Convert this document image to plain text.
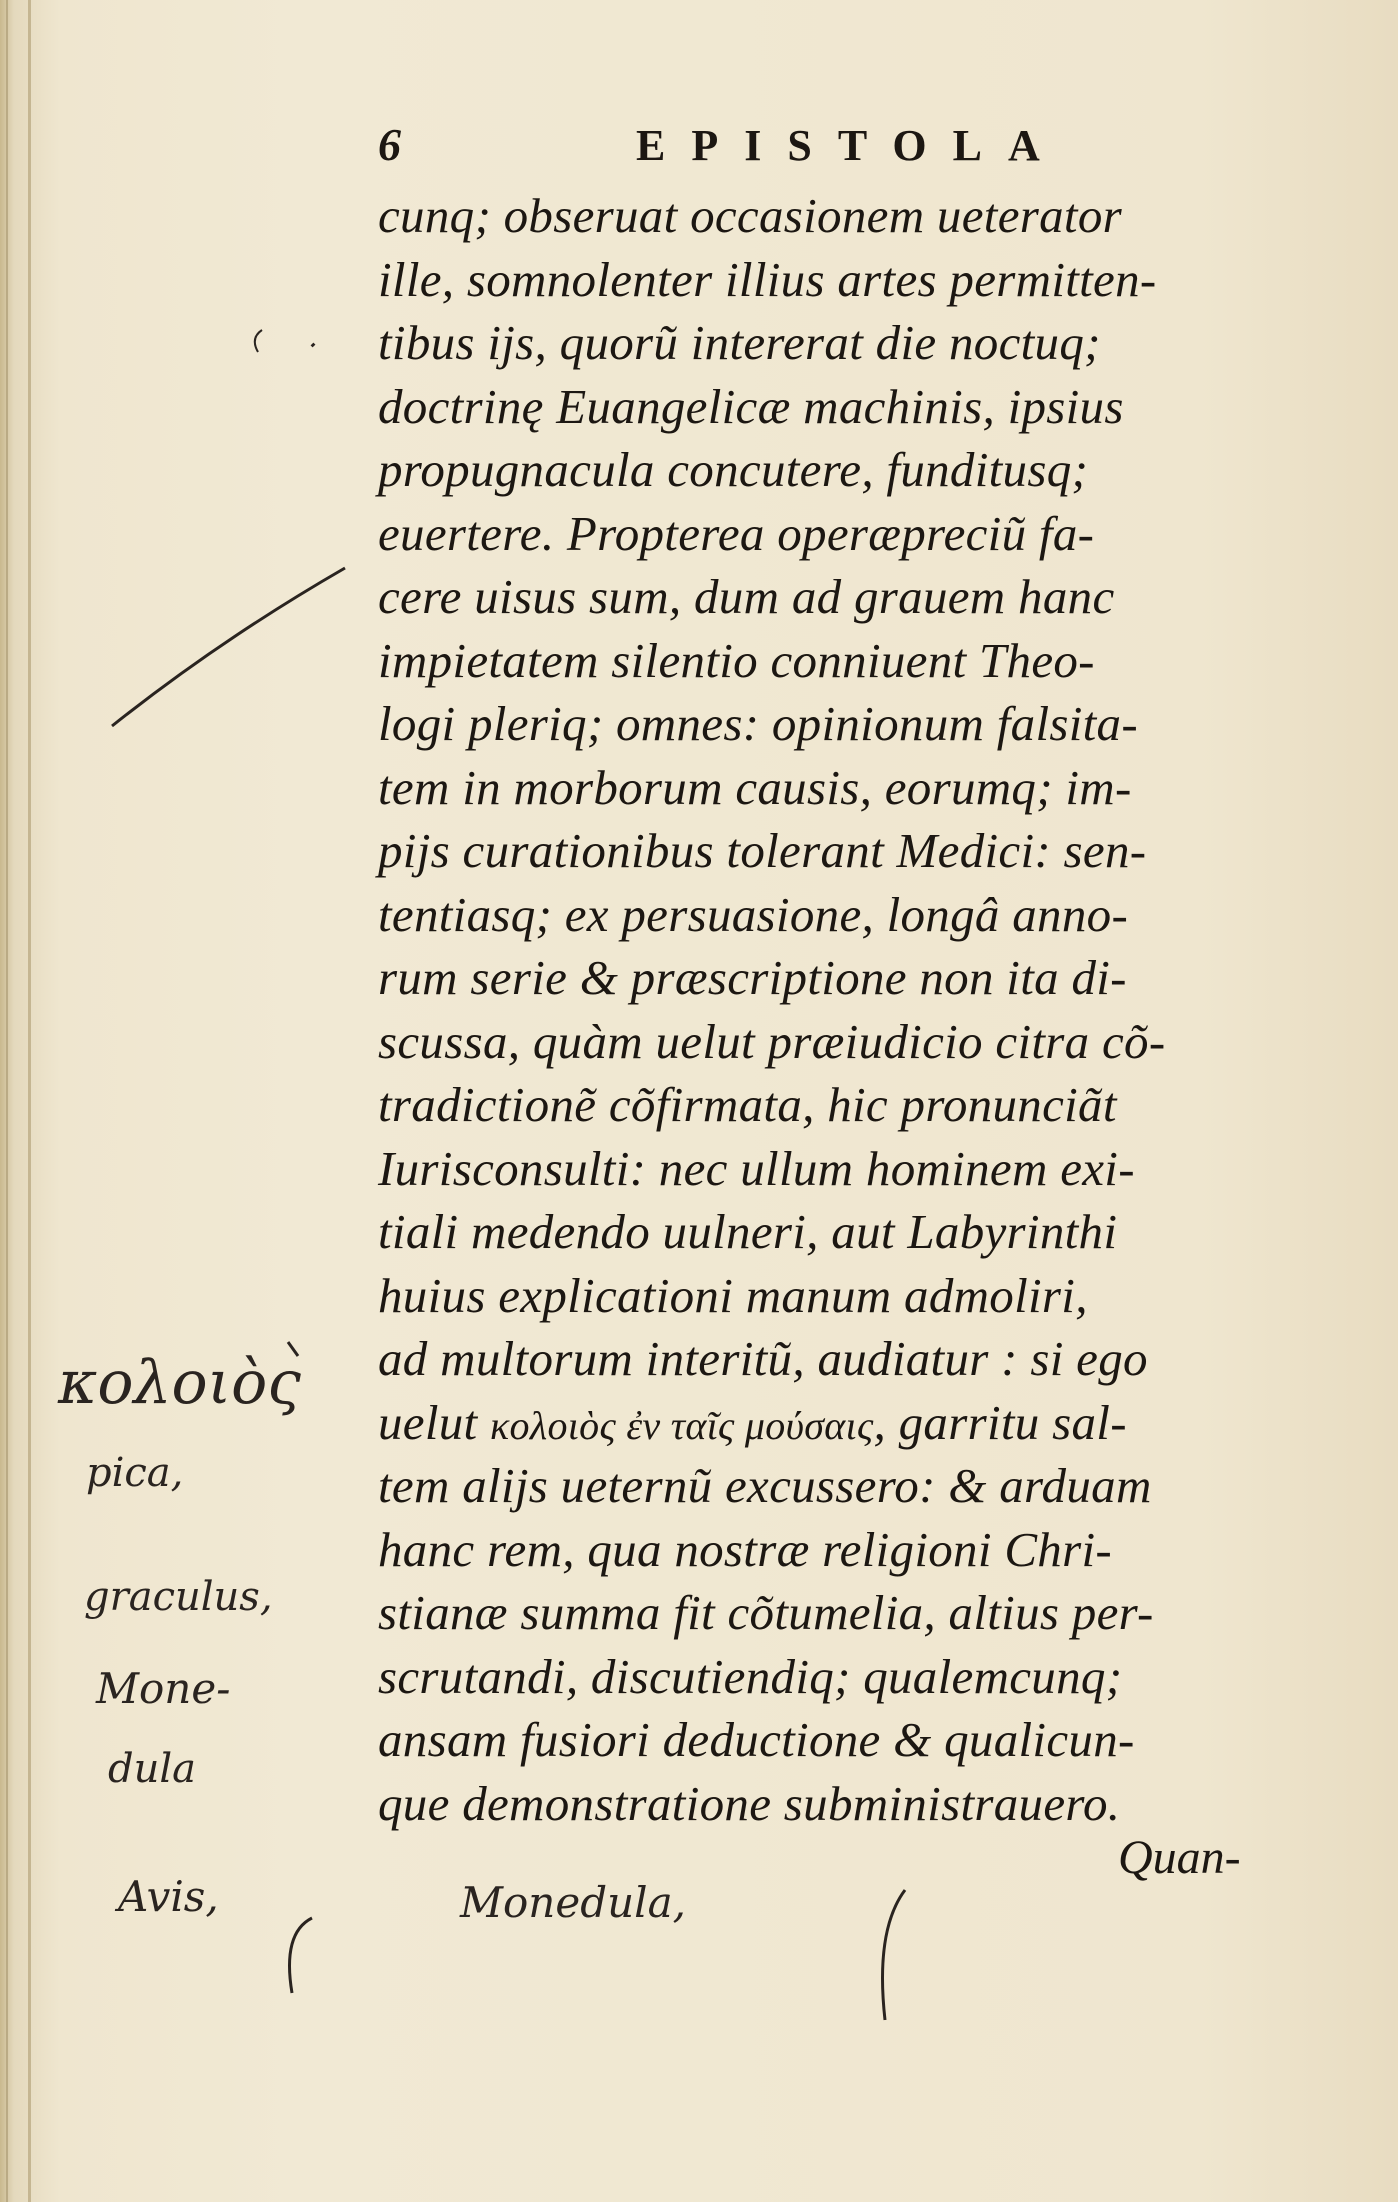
6	EPISTOLA
cunq; obseruat occasionem ueterator
ille, somnolenter illius artes permitten-
tibus ijs, quorũ intererat die noctuq;
doctrinę Euangelicæ machinis, ipsius
propugnacula concutere, funditusq;
euertere. Propterea operæpreciũ fa-
cere uisus sum, dum ad grauem hanc
impietatem silentio conniuent Theo-
logi pleriq; omnes: opinionum falsita-
tem in morborum causis, eorumq; im-
pijs curationibus tolerant Medici: sen-
tentiasq; ex persuasione, longâ anno-
rum serie & præscriptione non ita di-
scussa, quàm uelut præiudicio citra cõ-
tradictionẽ cõfirmata, hic pronunciãt
Iurisconsulti: nec ullum hominem exi-
tiali medendo uulneri, aut Labyrinthi
huius explicationi manum admoliri,
ad multorum interitũ, audiatur : si ego
uelut κολοιὸς ἐν ταῖς μούσαις, garritu sal-
tem alijs ueternũ excussero: & arduam
hanc rem, qua nostræ religioni Chri-
stianæ summa fit cõtumelia, altius per-
scrutandi, discutiendiq; qualemcunq;
ansam fusiori deductione & qualicun-
que demonstratione subministrauero.
Quan-
κολοιὸς
pica,
graculus,
Mone-
dula
Avis,	Monedula,
